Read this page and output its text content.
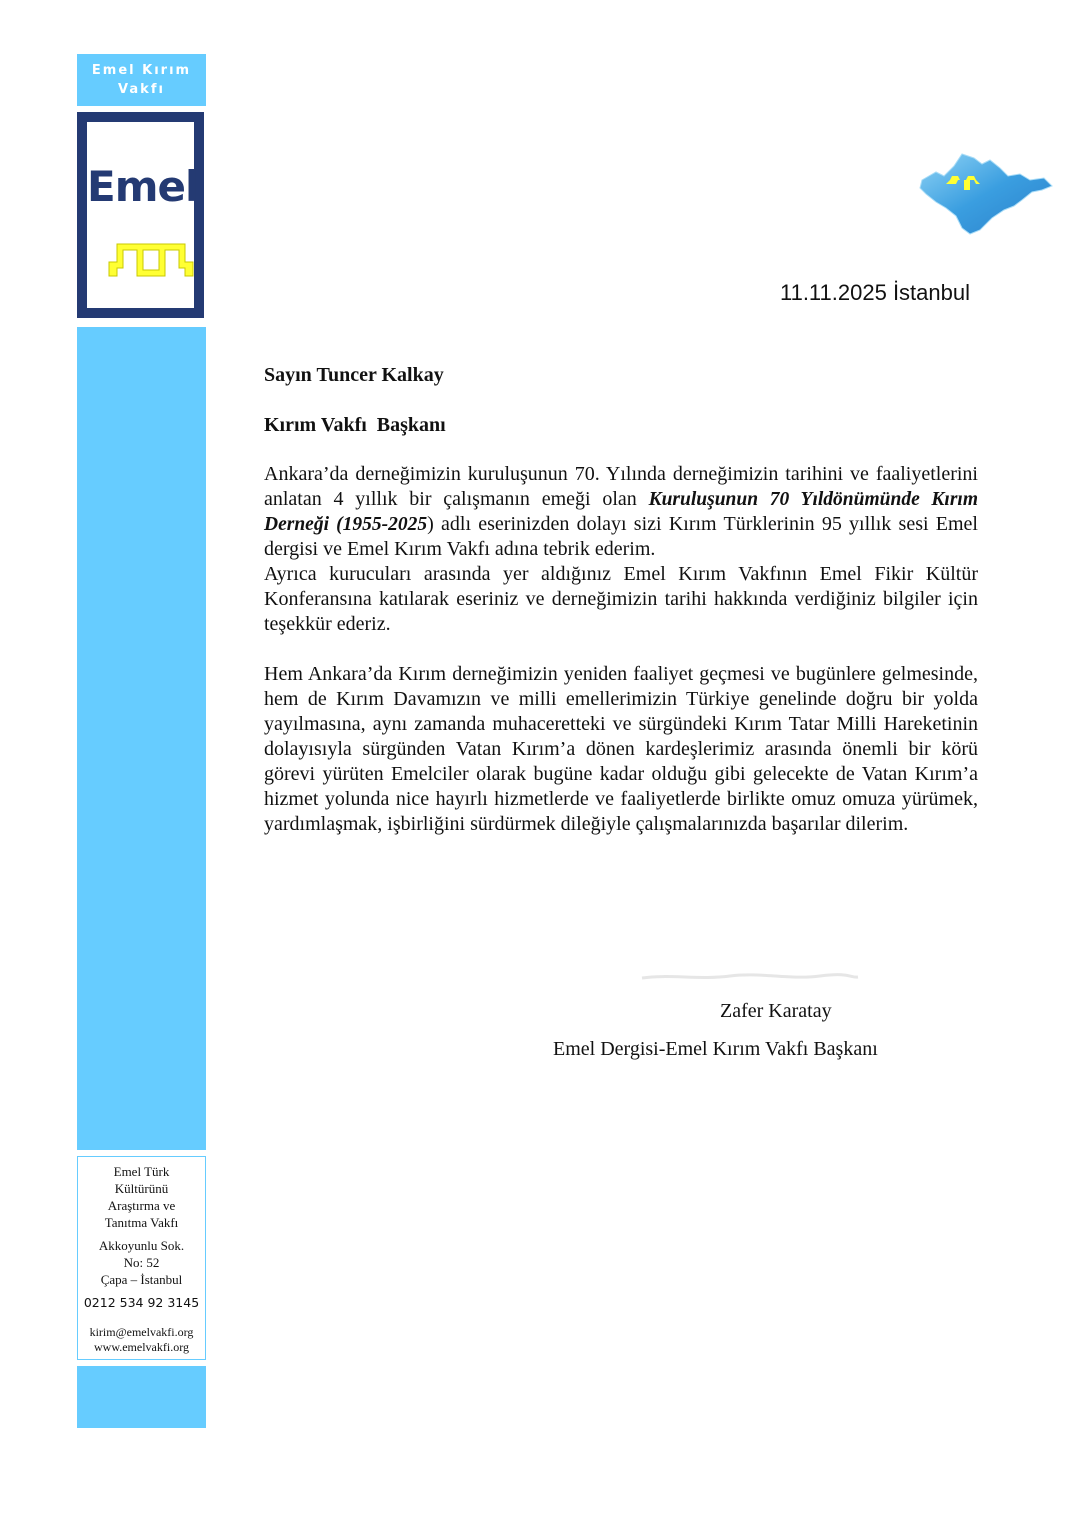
Emel Kırım
Vakfı
Emel
Emel Türk
Kültürünü
Araştırma ve
Tanıtma Vakfı
Akkoyunlu Sok.
No: 52
Çapa – İstanbul
0212 534 92 3145
kirim@emelvakfi.org
www.emelvakfi.org
11.11.2025 İstanbul
Sayın Tuncer Kalkay
Kırım Vakfı  Başkanı

Ankara’da derneğimizin kuruluşunun 70. Yılında derneğimizin tarihini ve faaliyetlerini anlatan 4 yıllık bir çalışmanın emeği olan Kuruluşunun 70 Yıldönümünde Kırım Derneği (1955-2025) adlı eserinizden dolayı sizi Kırım Türklerinin 95 yıllık sesi Emel dergisi ve Emel Kırım Vakfı adına tebrik ederim.
Ayrıca kurucuları arasında yer aldığınız Emel Kırım Vakfının Emel Fikir Kültür Konferansına katılarak eseriniz ve derneğimizin tarihi hakkında verdiğiniz bilgiler için teşekkür ederiz.

Hem Ankara’da Kırım derneğimizin yeniden faaliyet geçmesi ve bugünlere gelmesinde, hem de Kırım Davamızın ve milli emellerimizin Türkiye genelinde doğru bir yolda yayılmasına, aynı zamanda muhaceretteki ve sürgündeki Kırım Tatar Milli Hareketinin dolayısıyla sürgünden Vatan Kırım’a dönen kardeşlerimiz arasında önemli bir körü görevi yürüten Emelciler olarak bugüne kadar olduğu gibi gelecekte de Vatan Kırım’a hizmet yolunda nice hayırlı hizmetlerde ve faaliyetlerde birlikte omuz omuza yürümek, yardımlaşmak, işbirliğini sürdürmek dileğiyle çalışmalarınızda başarılar dilerim.

Zafer Karatay
Emel Dergisi-Emel Kırım Vakfı Başkanı
